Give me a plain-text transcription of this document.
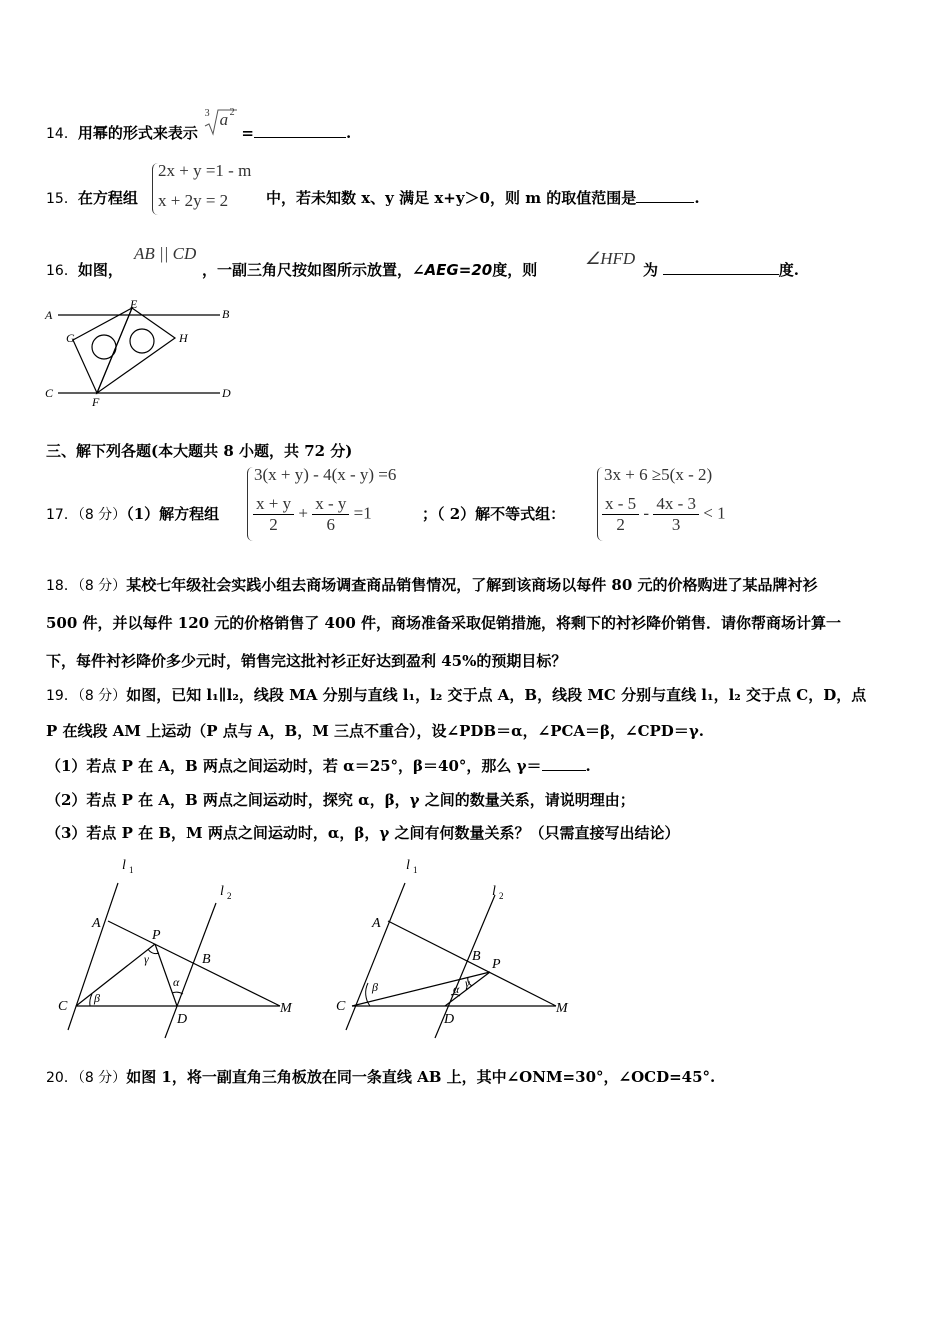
14．用幂的形式来表示
3 a 2
=	.
15．在方程组
2x + y =1 - m
x + 2y = 2	中，若未知数 x、y 满足 x+y＞0，则 m 的取值范围是	.
16．如图，
AB || CD
，一副三角尺按如图所示放置，∠AEG=20度，则
∠HFD
为	度.
A
E
B
G	H
C
F
D
三、解下列各题(本大题共 8 小题，共 72 分)
17．（8 分）（1）解方程组
3(x + y) - 4(x - y) =6
$\frac{x + y}{2} + \frac{x - y}{6} =1$	；（ 2）解不等式组：
3x + 6 ≥5(x - 2)
$\frac{x - 5}{2} - \frac{4x - 3}{3} < 1$
18．（8 分）某校七年级社会实践小组去商场调查商品销售情况，了解到该商场以每件 80 元的价格购进了某品牌衬衫
500 件，并以每件 120 元的价格销售了 400 件，商场准备采取促销措施，将剩下的衬衫降价销售．请你帮商场计算一
下，每件衬衫降价多少元时，销售完这批衬衫正好达到盈利 45%的预期目标？
19．（8 分）如图，已知 l₁∥l₂，线段 MA 分别与直线 l₁，l₂ 交于点 A，B，线段 MC 分别与直线 l₁，l₂ 交于点 C，D，点
P 在线段 AM 上运动（P 点与 A，B，M 三点不重合），设∠PDB＝α，∠PCA＝β，∠CPD＝γ.
（1）若点 P 在 A，B 两点之间运动时，若 α＝25°，β＝40°，那么 γ＝	.
（2）若点 P 在 A，B 两点之间运动时，探究 α，β，γ 之间的数量关系，请说明理由；
（3）若点 P 在 B，M 两点之间运动时，α，β，γ 之间有何数量关系？（只需直接写出结论）
l 1
l 2
A
P
B
C
D
M
β
γ
α
l 1
l 2
A
B
P
C
D
M
β	γ
α
20．（8 分）如图 1，将一副直角三角板放在同一条直线 AB 上，其中∠ONM=30°，∠OCD=45°.
